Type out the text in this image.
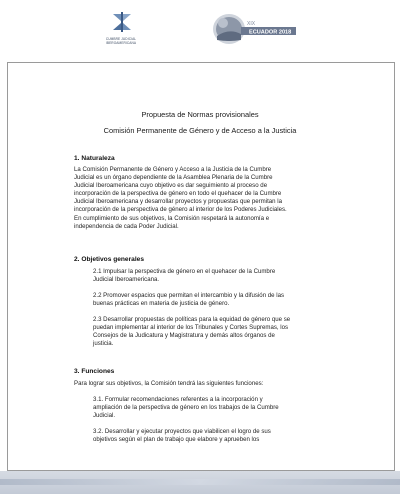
CUMBRE JUDICIAL
IBEROAMERICANA
XIX
ECUADOR 2018
Propuesta de Normas provisionales
Comisión Permanente de Género y de Acceso a la Justicia
1. Naturaleza
La Comisión Permanente de Género y Acceso a la Justicia de la Cumbre
Judicial es un órgano dependiente de la Asamblea Plenaria de la Cumbre
Judicial Iberoamericana cuyo objetivo es dar seguimiento al proceso de
incorporación de la perspectiva de género en todo el quehacer de la Cumbre
Judicial Iberoamericana y desarrollar proyectos y propuestas que permitan la
incorporación de la perspectiva de género al interior de los Poderes Judiciales.
En cumplimiento de sus objetivos, la Comisión respetará la autonomía e
independencia de cada Poder Judicial.
2. Objetivos generales
2.1 Impulsar la perspectiva de género en el quehacer de la Cumbre
Judicial Iberoamericana.
2.2 Promover espacios que permitan el intercambio y la difusión de las
buenas prácticas en materia de justicia de género.
2.3 Desarrollar propuestas de políticas para la equidad de género que se
puedan implementar al interior de los Tribunales y Cortes Supremas, los
Consejos de la Judicatura y Magistratura y demás altos órganos de
justicia.
3. Funciones
Para lograr sus objetivos, la Comisión tendrá las siguientes funciones:
3.1. Formular recomendaciones referentes a la incorporación y
ampliación de la perspectiva de género en los trabajos de la Cumbre
Judicial.
3.2. Desarrollar y ejecutar proyectos que viabilicen el logro de sus
objetivos según el plan de trabajo que elabore y aprueben los
